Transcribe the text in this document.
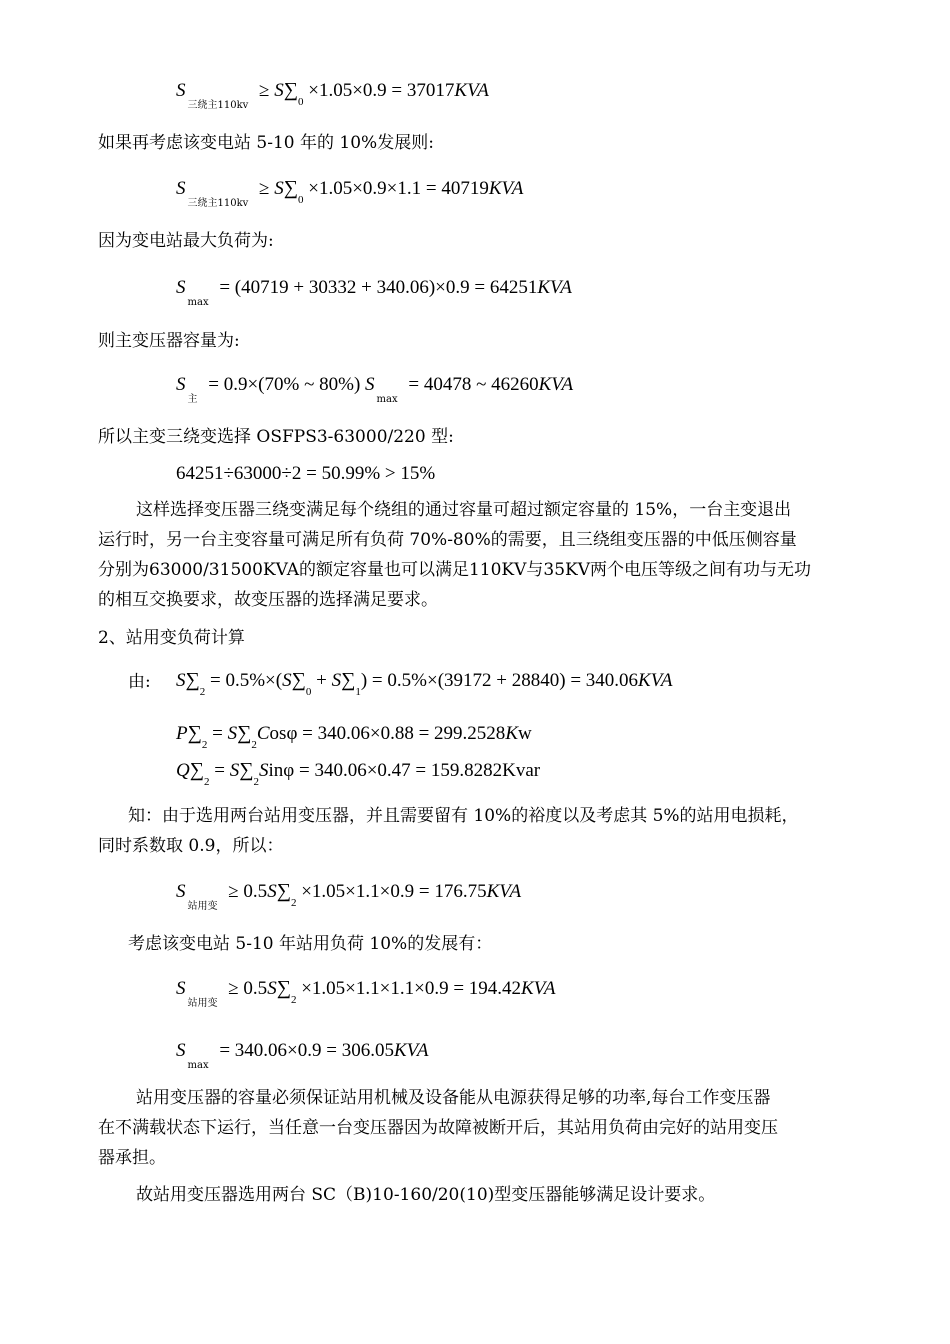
$S_{三绕主110kv} \ge S\sum_0 \times 1.05\times 0.9 = 37017KVA$
如果再考虑该变电站 5-10 年的 10%发展则:
$S_{三绕主110kv} \ge S\sum_0 \times 1.05\times 0.9\times 1.1 = 40719KVA$
因为变电站最大负荷为:
$S_{max} = (40719 + 30332 + 340.06)\times 0.9 = 64251KVA$
则主变压器容量为:
$S_主 = 0.9\times(70\%$ ~ 80%) $S_{max} = 40478$ ~ 46260KVA
所以主变三绕变选择 OSFPS3-63000/220 型:
64251÷63000÷2 = 50.99% > 15%
这样选择变压器三绕变满足每个绕组的通过容量可超过额定容量的 15%，一台主变退出
运行时，另一台主变容量可满足所有负荷 70%-80%的需要，且三绕组变压器的中低压侧容量
分别为63000/31500KVA的额定容量也可以满足110KV与35KV两个电压等级之间有功与无功
的相互交换要求，故变压器的选择满足要求。
2、站用变负荷计算
由: $S\sum_2 = 0.5\%\times(S\sum_0 + S\sum_1) = 0.5\%\times(39172 + 28840) = 340.06KVA$
$P\sum_2 = S\sum_2Cos\varphi = 340.06\times 0.88 = 299.2528Kw$
$Q\sum_2 = S\sum_2Sin\varphi = 340.06\times 0.47$ = 159.8282Kvar
知：由于选用两台站用变压器，并且需要留有 10%的裕度以及考虑其 5%的站用电损耗，
同时系数取 0.9，所以：
$S_{站用变} \ge 0.5S\sum_2 \times 1.05\times 1.1\times 0.9 = 176.75KVA$
考虑该变电站 5-10 年站用负荷 10%的发展有：
$S_{站用变} \ge 0.5S\sum_2 \times 1.05\times 1.1\times 1.1\times 0.9 = 194.42KVA$
$S_{max} = 340.06\times 0.9 = 306.05KVA$
站用变压器的容量必须保证站用机械及设备能从电源获得足够的功率,每台工作变压器
在不满载状态下运行，当任意一台变压器因为故障被断开后，其站用负荷由完好的站用变压
器承担。
故站用变压器选用两台 SC（B)10-160/20(10)型变压器能够满足设计要求。
